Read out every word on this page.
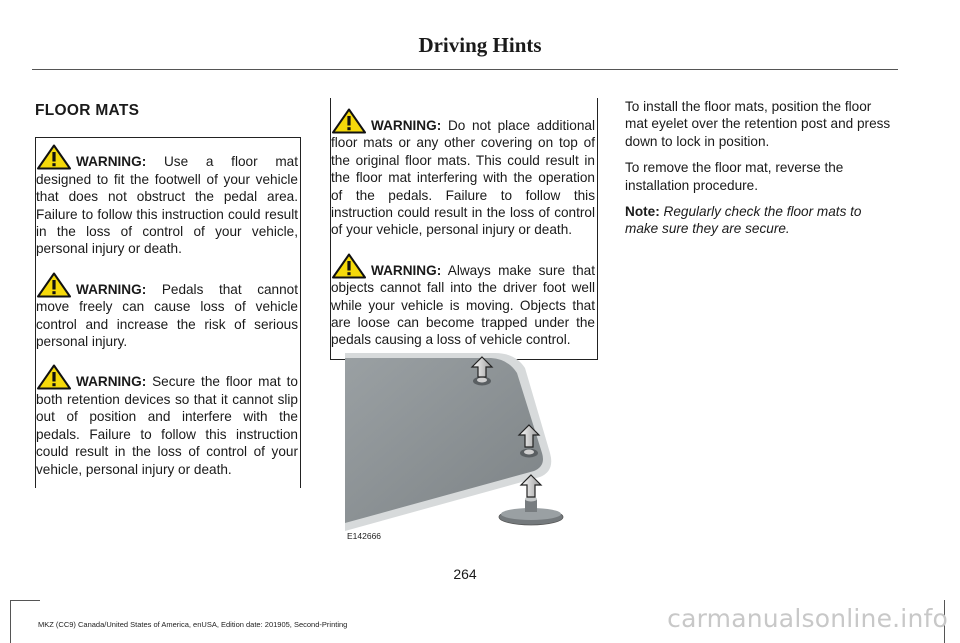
Driving Hints
FLOOR MATS
WARNING: Use a floor mat designed to fit the footwell of your vehicle that does not obstruct the pedal area. Failure to follow this instruction could result in the loss of control of your vehicle, personal injury or death.
WARNING: Pedals that cannot move freely can cause loss of vehicle control and increase the risk of serious personal injury.
WARNING: Secure the floor mat to both retention devices so that it cannot slip out of position and interfere with the pedals. Failure to follow this instruction could result in the loss of control of your vehicle, personal injury or death.
WARNING: Do not place additional floor mats or any other covering on top of the original floor mats. This could result in the floor mat interfering with the operation of the pedals. Failure to follow this instruction could result in the loss of control of your vehicle, personal injury or death.
WARNING: Always make sure that objects cannot fall into the driver foot well while your vehicle is moving. Objects that are loose can become trapped under the pedals causing a loss of vehicle control.
E142666

To install the floor mats, position the floor mat eyelet over the retention post and press down to lock in position.

To remove the floor mat, reverse the installation procedure.

Note: Regularly check the floor mats to make sure they are secure.

264
MKZ (CC9) Canada/United States of America, enUSA, Edition date: 201905, Second-Printing	carmanualsonline.info
